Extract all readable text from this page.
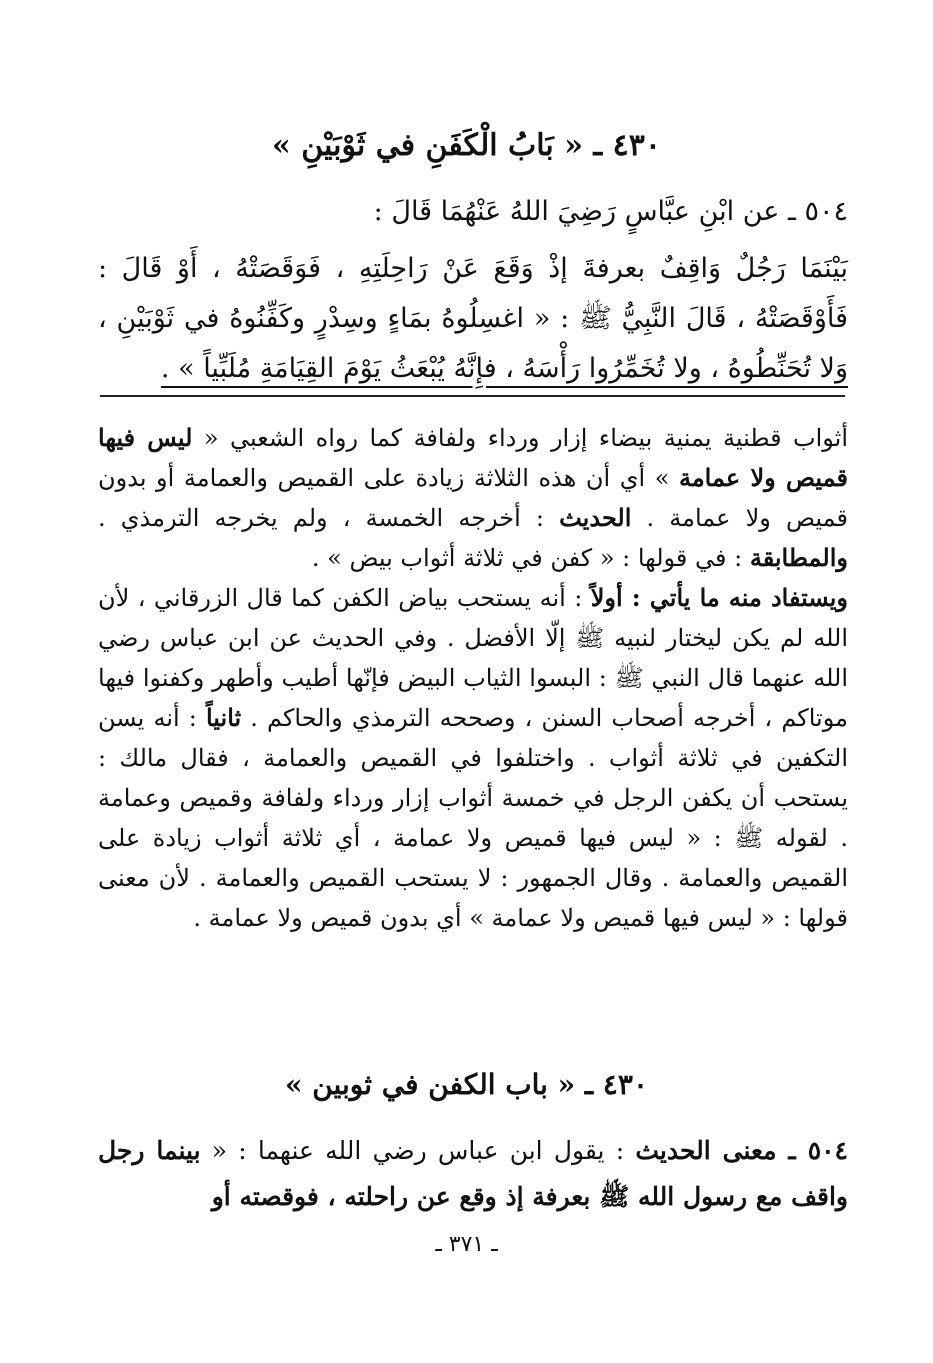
٤٣٠ ـ « بَابُ الْكَفَنِ في ثَوْبَيْنِ »
٥٠٤ ـ عن ابْنِ عبَّاسٍ رَضِيَ اللهُ عَنْهُمَا قَالَ :
بَيْنَمَا رَجُلٌ وَاقِفٌ بعرفةَ إذْ وَقَعَ عَنْ رَاحِلَتِهِ ، فَوَقَصَتْهُ ، أَوْ قَالَ : فَأَوْقَصَتْهُ ، قَالَ النَّبِيُّ ﷺ : « اغسِلُوهُ بمَاءٍ وسِدْرٍ وكَفِّنُوهُ في ثَوْبَيْنِ ، وَلا تُحَنِّطُوهُ ، ولا تُخَمِّرُوا رَأْسَهُ ، فإِنَّهُ يُبْعَثُ يَوْمَ القِيَامَةِ مُلَبِّياً » .

أثواب قطنية يمنية بيضاء إزار ورداء ولفافة كما رواه الشعبي « ليس فيها قميص ولا عمامة » أي أن هذه الثلاثة زيادة على القميص والعمامة أو بدون قميص ولا عمامة . الحديث : أخرجه الخمسة ، ولم يخرجه الترمذي . والمطابقة : في قولها : « كفن في ثلاثة أثواب بيض » .

ويستفاد منه ما يأتي : أولاً : أنه يستحب بياض الكفن كما قال الزرقاني ، لأن الله لم يكن ليختار لنبيه ﷺ إلّا الأفضل . وفي الحديث عن ابن عباس رضي الله عنهما قال النبي ﷺ : البسوا الثياب البيض فإنّها أطيب وأطهر وكفنوا فيها موتاكم ، أخرجه أصحاب السنن ، وصححه الترمذي والحاكم . ثانياً : أنه يسن التكفين في ثلاثة أثواب . واختلفوا في القميص والعمامة ، فقال مالك : يستحب أن يكفن الرجل في خمسة أثواب إزار ورداء ولفافة وقميص وعمامة . لقوله ﷺ : « ليس فيها قميص ولا عمامة ، أي ثلاثة أثواب زيادة على القميص والعمامة . وقال الجمهور : لا يستحب القميص والعمامة . لأن معنى قولها : « ليس فيها قميص ولا عمامة » أي بدون قميص ولا عمامة .

٤٣٠ ـ « باب الكفن في ثوبين »

٥٠٤ ـ معنى الحديث : يقول ابن عباس رضي الله عنهما : « بينما رجل واقف مع رسول الله ﷺ بعرفة إذ وقع عن راحلته ، فوقصته أو

ـ ٣٧١ ـ
